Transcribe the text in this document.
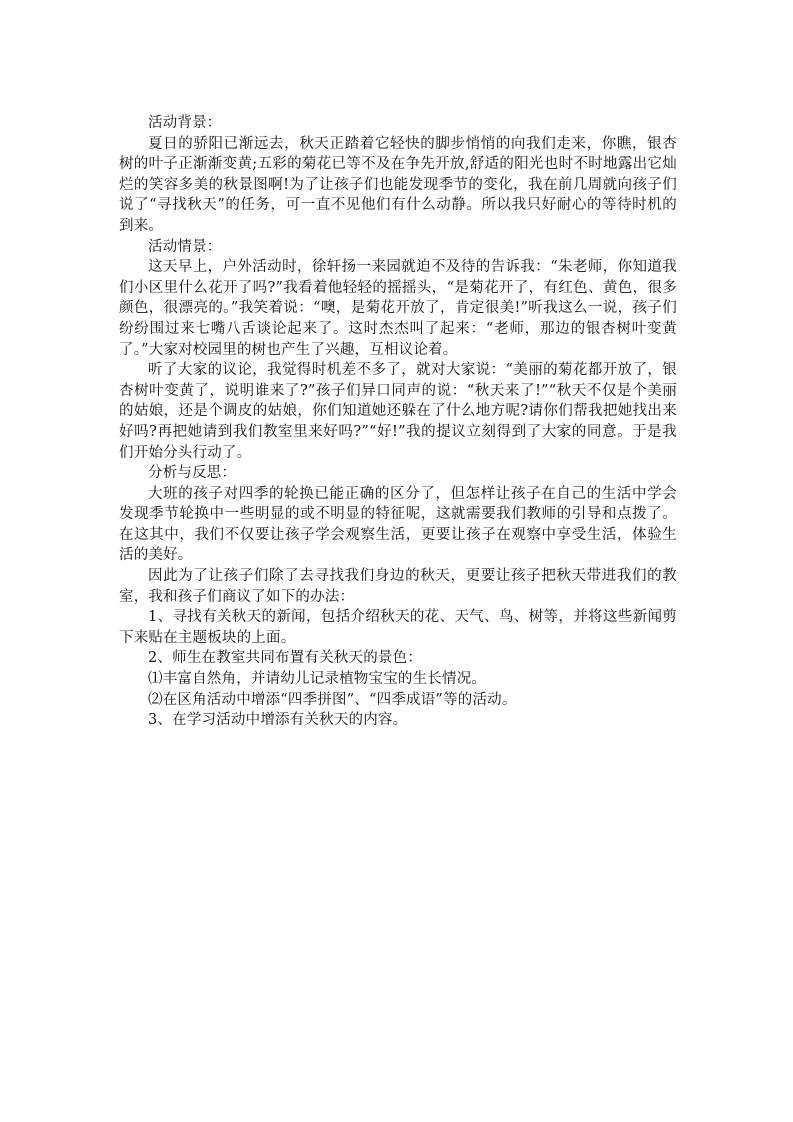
活动背景：

夏日的骄阳已渐远去，秋天正踏着它轻快的脚步悄悄的向我们走来，你瞧，银杏树的叶子正渐渐变黄;五彩的菊花已等不及在争先开放,舒适的阳光也时不时地露出它灿烂的笑容多美的秋景图啊!为了让孩子们也能发现季节的变化，我在前几周就向孩子们说了“寻找秋天”的任务，可一直不见他们有什么动静。所以我只好耐心的等待时机的到来。

活动情景：

这天早上，户外活动时，徐轩扬一来园就迫不及待的告诉我：“朱老师，你知道我们小区里什么花开了吗?”我看着他轻轻的摇摇头，“是菊花开了，有红色、黄色，很多颜色，很漂亮的。”我笑着说：“噢，是菊花开放了，肯定很美!”听我这么一说，孩子们纷纷围过来七嘴八舌谈论起来了。这时杰杰叫了起来：“老师，那边的银杏树叶变黄了。”大家对校园里的树也产生了兴趣，互相议论着。

听了大家的议论，我觉得时机差不多了，就对大家说：“美丽的菊花都开放了，银杏树叶变黄了，说明谁来了?”孩子们异口同声的说：“秋天来了!”“秋天不仅是个美丽的姑娘，还是个调皮的姑娘，你们知道她还躲在了什么地方呢?请你们帮我把她找出来好吗?再把她请到我们教室里来好吗?”“好!”我的提议立刻得到了大家的同意。于是我们开始分头行动了。

分析与反思：

大班的孩子对四季的轮换已能正确的区分了，但怎样让孩子在自己的生活中学会发现季节轮换中一些明显的或不明显的特征呢，这就需要我们教师的引导和点拨了。在这其中，我们不仅要让孩子学会观察生活，更要让孩子在观察中享受生活，体验生活的美好。

因此为了让孩子们除了去寻找我们身边的秋天，更要让孩子把秋天带进我们的教室，我和孩子们商议了如下的办法：

1、寻找有关秋天的新闻，包括介绍秋天的花、天气、鸟、树等，并将这些新闻剪下来贴在主题板块的上面。

2、师生在教室共同布置有关秋天的景色：

⑴丰富自然角，并请幼儿记录植物宝宝的生长情况。

⑵在区角活动中增添“四季拼图”、“四季成语”等的活动。

3、在学习活动中增添有关秋天的内容。
